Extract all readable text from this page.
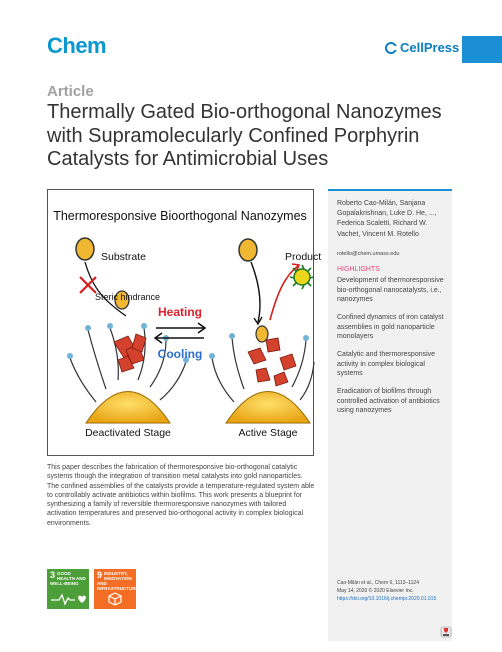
Chem	CellPress
Article
Thermally Gated Bio-orthogonal Nanozymes with Supramolecularly Confined Porphyrin Catalysts for Antimicrobial Uses
Thermoresponsive Bioorthogonal Nanozymes
Substrate
Steric hindrance
Deactivated Stage
Heating
Cooling
Product
Active Stage

This paper describes the fabrication of thermoresponsive bio-orthogonal catalytic systems though the integration of transition metal catalysts into gold nanoparticles. The confined assemblies of the catalysts provide a temperature-regulated system able to controllably activate antibiotics within biofilms. This work presents a blueprint for synthesizing a family of reversible thermoresponsive nanozymes with tailored activation temperatures and preserved bio-orthogonal activity in complex biological environments.

3 GOOD HEALTH AND WELL-BEING
9 INDUSTRY, INNOVATION AND INFRASTRUCTURE

Roberto Cao-Milán, Sanjana Gopalakrishnan, Luke D. He, ..., Federica Scaletti, Richard W. Vachet, Vincent M. Rotello

rotello@chem.umass.edu
HIGHLIGHTS

Development of thermoresponsive bio-orthogonal nanocatalysts, i.e., nanozymes

Confined dynamics of iron catalyst assemblies in gold nanoparticle monolayers

Catalytic and thermoresponsive activity in complex biological systems

Eradication of biofilms through controlled activation of antibiotics using nanozymes

Cao-Milán et al., Chem 6, 1113–1124
May 14, 2020 © 2020 Elsevier Inc.
https://doi.org/10.1016/j.chempr.2020.01.015
